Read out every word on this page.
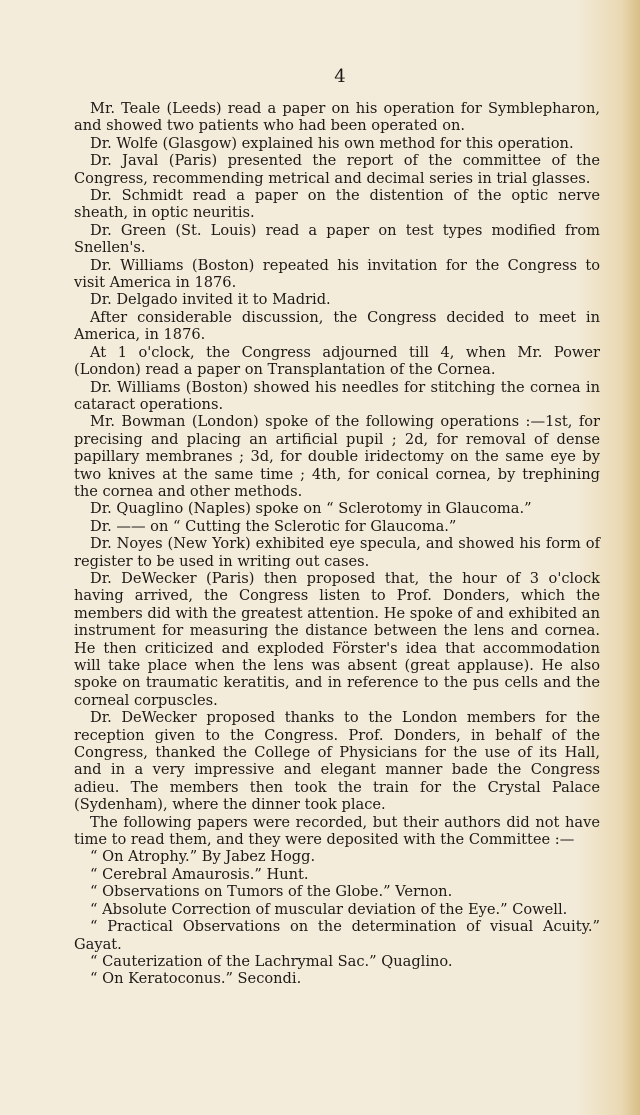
4

Mr. Teale (Leeds) read a paper on his operation for Symblepharon, and showed two patients who had been operated on.

Dr. Wolfe (Glasgow) explained his own method for this operation.

Dr. Javal (Paris) presented the report of the committee of the Congress, recommending metrical and decimal series in trial glasses.

Dr. Schmidt read a paper on the distention of the optic nerve sheath, in optic neuritis.

Dr. Green (St. Louis) read a paper on test types modified from Snellen's.

Dr. Williams (Boston) repeated his invitation for the Congress to visit America in 1876.

Dr. Delgado invited it to Madrid.

After considerable discussion, the Congress decided to meet in America, in 1876.

At 1 o'clock, the Congress adjourned till 4, when Mr. Power (London) read a paper on Transplantation of the Cornea.

Dr. Williams (Boston) showed his needles for stitching the cornea in cataract operations.

Mr. Bowman (London) spoke of the following operations :—1st, for precising and placing an artificial pupil ; 2d, for removal of dense papillary membranes ; 3d, for double iridectomy on the same eye by two knives at the same time ; 4th, for conical cornea, by trephining the cornea and other methods.

Dr. Quaglino (Naples) spoke on “ Sclerotomy in Glaucoma.”

Dr. —— on “ Cutting the Sclerotic for Glaucoma.”

Dr. Noyes (New York) exhibited eye specula, and showed his form of register to be used in writing out cases.

Dr. DeWecker (Paris) then proposed that, the hour of 3 o'clock having arrived, the Congress listen to Prof. Donders, which the members did with the greatest attention. He spoke of and exhibited an instrument for measuring the distance between the lens and cornea. He then criticized and exploded Förster's idea that accommodation will take place when the lens was absent (great applause). He also spoke on traumatic keratitis, and in reference to the pus cells and the corneal corpuscles.

Dr. DeWecker proposed thanks to the London members for the reception given to the Congress. Prof. Donders, in behalf of the Congress, thanked the College of Physicians for the use of its Hall, and in a very impressive and elegant manner bade the Congress adieu. The members then took the train for the Crystal Palace (Sydenham), where the dinner took place.

The following papers were recorded, but their authors did not have time to read them, and they were deposited with the Committee :—

“ On Atrophy.” By Jabez Hogg.

“ Cerebral Amaurosis.” Hunt.

“ Observations on Tumors of the Globe.” Vernon.

“ Absolute Correction of muscular deviation of the Eye.” Cowell.

“ Practical Observations on the determination of visual Acuity.” Gayat.

“ Cauterization of the Lachrymal Sac.” Quaglino.

“ On Keratoconus.” Secondi.
